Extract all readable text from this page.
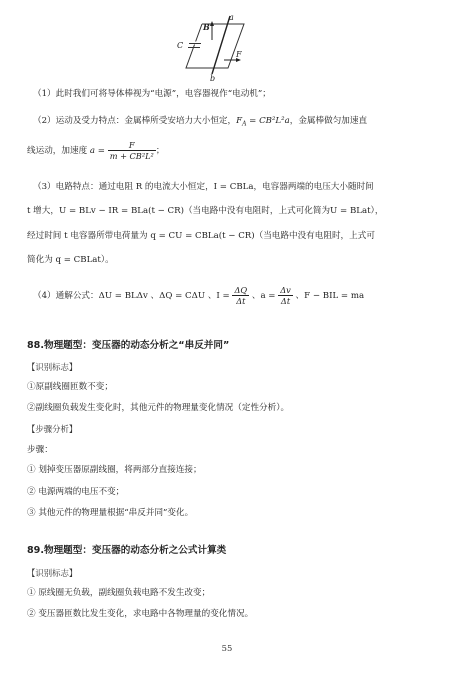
C
B
a
F
b
（1）此时我们可将导体棒视为“电源”，电容器视作“电动机”；
（2）运动及受力特点：金属棒所受安培力大小恒定，$F_A = CB^2L^2a$，金属棒做匀加速直
线运动，加速度 $a = \frac{F}{\text{m + CB²L²}}$ ；
（3）电路特点：通过电阻 R 的电流大小恒定，I = CBLa，电容器两端的电压大小随时间
t 增大，U = BLv − IR = BLa(t − CR)（当电路中没有电阻时，上式可化简为U = BLat），
经过时间 t 电容器所带电荷量为 q = CU = CBLa(t − CR)（当电路中没有电阻时，上式可
简化为 q = CBLat）。
（4）通解公式：ΔU = BLΔv 、ΔQ = CΔU 、$I = \frac{\Delta Q}{\Delta t}$ 、$a = \frac{\Delta v}{\Delta t}$ 、F − BIL = ma
88.物理题型：变压器的动态分析之“串反并同”
【识别标志】
①原副线圈匝数不变；
②副线圈负载发生变化时，其他元件的物理量变化情况（定性分析）。
【步骤分析】
步骤：
① 划掉变压器原副线圈，将两部分直接连接；
② 电源两端的电压不变；
③ 其他元件的物理量根据“串反并同”变化。
89.物理题型：变压器的动态分析之公式计算类
【识别标志】
① 原线圈无负载，副线圈负载电路不发生改变；
② 变压器匝数比发生变化，求电路中各物理量的变化情况。
55
